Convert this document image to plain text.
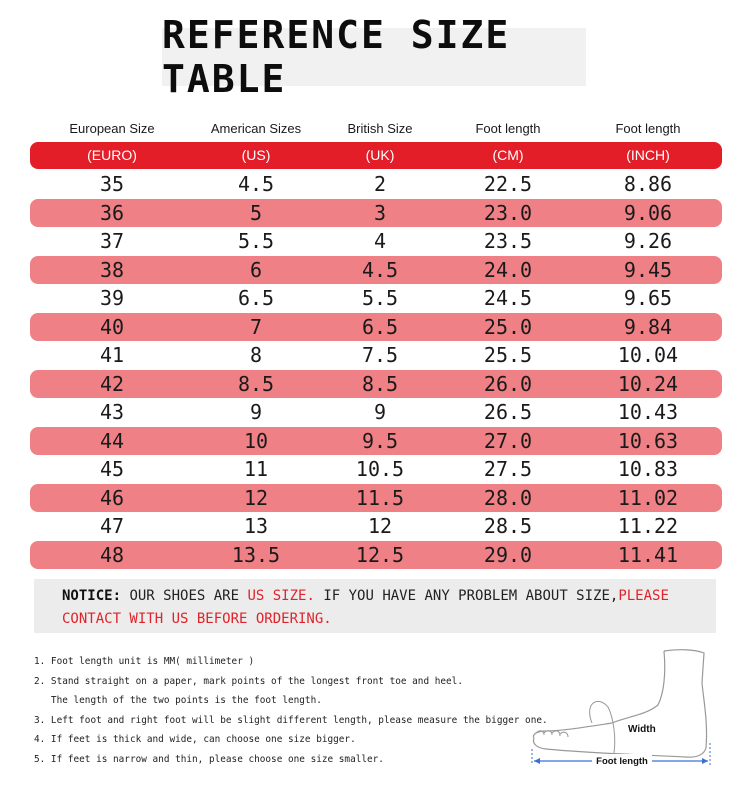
REFERENCE SIZE TABLE
European Size	American Sizes	British Size	Foot length	Foot length
(EURO)	(US)	(UK)	(CM)	(INCH)
35	4.5	2	22.5	8.86
36	5	3	23.0	9.06
37	5.5	4	23.5	9.26
38	6	4.5	24.0	9.45
39	6.5	5.5	24.5	9.65
40	7	6.5	25.0	9.84
41	8	7.5	25.5	10.04
42	8.5	8.5	26.0	10.24
43	9	9	26.5	10.43
44	10	9.5	27.0	10.63
45	11	10.5	27.5	10.83
46	12	11.5	28.0	11.02
47	13	12	28.5	11.22
48	13.5	12.5	29.0	11.41
NOTICE: OUR SHOES ARE US SIZE. IF YOU HAVE ANY PROBLEM ABOUT SIZE,PLEASE
CONTACT WITH US BEFORE ORDERING.
1. Foot length unit is MM( millimeter )
2. Stand straight on a paper, mark points of the longest front toe and heel.
The length of the two points is the foot length.
3. Left foot and right foot will be slight different length, please measure the bigger one.
4. If feet is thick and wide, can choose one size bigger.
5. If feet is narrow and thin, please choose one size smaller.
Width
Foot length
